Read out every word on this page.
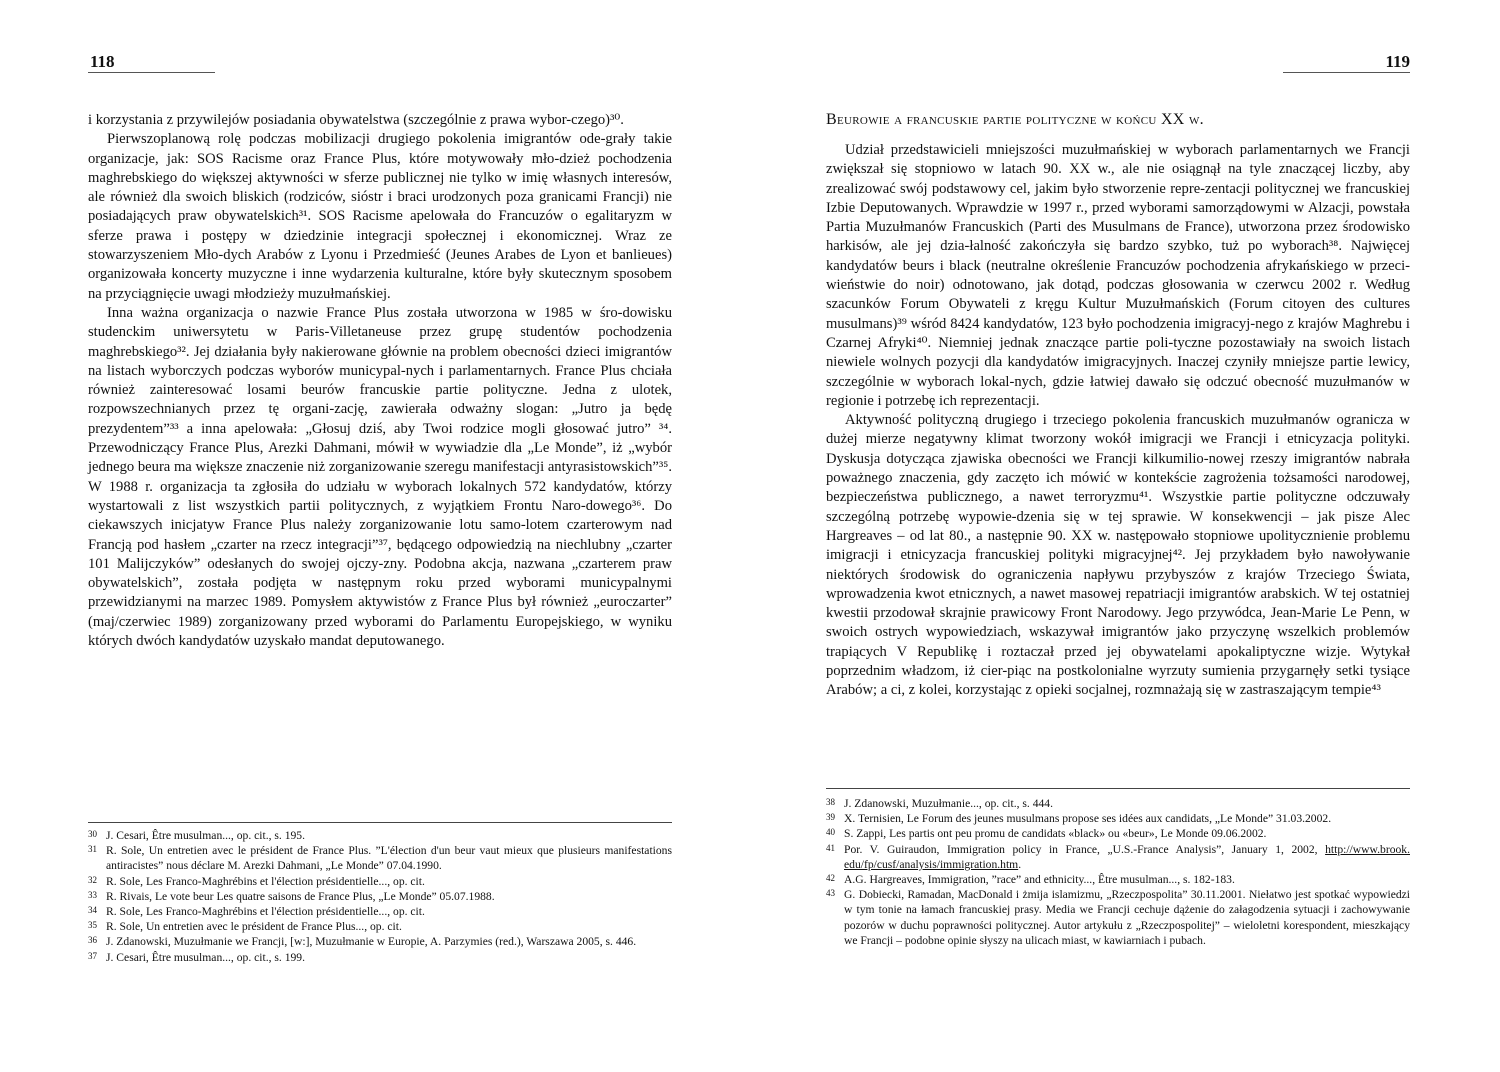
118

i korzystania z przywilejów posiadania obywatelstwa (szczególnie z prawa wybor-czego)³⁰.

Pierwszoplanową rolę podczas mobilizacji drugiego pokolenia imigrantów ode-grały takie organizacje, jak: SOS Racisme oraz France Plus, które motywowały mło-dzież pochodzenia maghrebskiego do większej aktywności w sferze publicznej nie tylko w imię własnych interesów, ale również dla swoich bliskich (rodziców, sióstr i braci urodzonych poza granicami Francji) nie posiadających praw obywatelskich³¹. SOS Racisme apelowała do Francuzów o egalitaryzm w sferze prawa i postępy w dziedzinie integracji społecznej i ekonomicznej. Wraz ze stowarzyszeniem Mło-dych Arabów z Lyonu i Przedmieść (Jeunes Arabes de Lyon et banlieues) organizowała koncerty muzyczne i inne wydarzenia kulturalne, które były skutecznym sposobem na przyciągnięcie uwagi młodzieży muzułmańskiej.

Inna ważna organizacja o nazwie France Plus została utworzona w 1985 w śro-dowisku studenckim uniwersytetu w Paris-Villetaneuse przez grupę studentów pochodzenia maghrebskiego³². Jej działania były nakierowane głównie na problem obecności dzieci imigrantów na listach wyborczych podczas wyborów municypal-nych i parlamentarnych. France Plus chciała również zainteresować losami beurów francuskie partie polityczne. Jedna z ulotek, rozpowszechnianych przez tę organi-zację, zawierała odważny slogan: „Jutro ja będę prezydentem”³³ a inna apelowała: „Głosuj dziś, aby Twoi rodzice mogli głosować jutro” ³⁴. Przewodniczący France Plus, Arezki Dahmani, mówił w wywiadzie dla „Le Monde”, iż „wybór jednego beura ma większe znaczenie niż zorganizowanie szeregu manifestacji antyrasistowskich”³⁵. W 1988 r. organizacja ta zgłosiła do udziału w wyborach lokalnych 572 kandydatów, którzy wystartowali z list wszystkich partii politycznych, z wyjątkiem Frontu Naro-dowego³⁶. Do ciekawszych inicjatyw France Plus należy zorganizowanie lotu samo-lotem czarterowym nad Francją pod hasłem „czarter na rzecz integracji”³⁷, będącego odpowiedzią na niechlubny „czarter 101 Malijczyków” odesłanych do swojej ojczy-zny. Podobna akcja, nazwana „czarterem praw obywatelskich”, została podjęta w następnym roku przed wyborami municypalnymi przewidzianymi na marzec 1989. Pomysłem aktywistów z France Plus był również „euroczarter” (maj/czerwiec 1989) zorganizowany przed wyborami do Parlamentu Europejskiego, w wyniku których dwóch kandydatów uzyskało mandat deputowanego.

30 J. Cesari, Être musulman..., op. cit., s. 195.
31 R. Sole, Un entretien avec le président de France Plus. ”L'élection d'un beur vaut mieux que plusieurs manifestations antiracistes” nous déclare M. Arezki Dahmani, „Le Monde” 07.04.1990.
32 R. Sole, Les Franco-Maghrébins et l'élection présidentielle..., op. cit.
33 R. Rivais, Le vote beur Les quatre saisons de France Plus, „Le Monde” 05.07.1988.
34 R. Sole, Les Franco-Maghrébins et l'élection présidentielle..., op. cit.
35 R. Sole, Un entretien avec le président de France Plus..., op. cit.
36 J. Zdanowski, Muzułmanie we Francji, [w:], Muzułmanie w Europie, A. Parzymies (red.), Warszawa 2005, s. 446.
37 J. Cesari, Être musulman..., op. cit., s. 199.
119
Beurowie a francuskie partie polityczne w końcu XX w.

Udział przedstawicieli mniejszości muzułmańskiej w wyborach parlamentarnych we Francji zwiększał się stopniowo w latach 90. XX w., ale nie osiągnął na tyle znaczącej liczby, aby zrealizować swój podstawowy cel, jakim było stworzenie repre-zentacji politycznej we francuskiej Izbie Deputowanych. Wprawdzie w 1997 r., przed wyborami samorządowymi w Alzacji, powstała Partia Muzułmanów Francuskich (Parti des Musulmans de France), utworzona przez środowisko harkisów, ale jej dzia-łalność zakończyła się bardzo szybko, tuż po wyborach³⁸. Najwięcej kandydatów beurs i black (neutralne określenie Francuzów pochodzenia afrykańskiego w przeci-wieństwie do noir) odnotowano, jak dotąd, podczas głosowania w czerwcu 2002 r. Według szacunków Forum Obywateli z kręgu Kultur Muzułmańskich (Forum citoyen des cultures musulmans)³⁹ wśród 8424 kandydatów, 123 było pochodzenia imigracyj-nego z krajów Maghrebu i Czarnej Afryki⁴⁰. Niemniej jednak znaczące partie poli-tyczne pozostawiały na swoich listach niewiele wolnych pozycji dla kandydatów imigracyjnych. Inaczej czyniły mniejsze partie lewicy, szczególnie w wyborach lokal-nych, gdzie łatwiej dawało się odczuć obecność muzułmanów w regionie i potrzebę ich reprezentacji.

Aktywność polityczną drugiego i trzeciego pokolenia francuskich muzułmanów ogranicza w dużej mierze negatywny klimat tworzony wokół imigracji we Francji i etnicyzacja polityki. Dyskusja dotycząca zjawiska obecności we Francji kilkumilio-nowej rzeszy imigrantów nabrała poważnego znaczenia, gdy zaczęto ich mówić w kontekście zagrożenia tożsamości narodowej, bezpieczeństwa publicznego, a nawet terroryzmu⁴¹. Wszystkie partie polityczne odczuwały szczególną potrzebę wypowie-dzenia się w tej sprawie. W konsekwencji – jak pisze Alec Hargreaves – od lat 80., a następnie 90. XX w. następowało stopniowe upolitycznienie problemu imigracji i etnicyzacja francuskiej polityki migracyjnej⁴². Jej przykładem było nawoływanie niektórych środowisk do ograniczenia napływu przybyszów z krajów Trzeciego Świata, wprowadzenia kwot etnicznych, a nawet masowej repatriacji imigrantów arabskich. W tej ostatniej kwestii przodował skrajnie prawicowy Front Narodowy. Jego przywódca, Jean-Marie Le Penn, w swoich ostrych wypowiedziach, wskazywał imigrantów jako przyczynę wszelkich problemów trapiących V Republikę i roztaczał przed jej obywatelami apokaliptyczne wizje. Wytykał poprzednim władzom, iż cier-piąc na postkolonialne wyrzuty sumienia przygarnęły setki tysiące Arabów; a ci, z kolei, korzystając z opieki socjalnej, rozmnażają się w zastraszającym tempie⁴³

38 J. Zdanowski, Muzułmanie..., op. cit., s. 444.
39 X. Ternisien, Le Forum des jeunes musulmans propose ses idées aux candidats, „Le Monde” 31.03.2002.
40 S. Zappi, Les partis ont peu promu de candidats «black» ou «beur», Le Monde 09.06.2002.
41 Por. V. Guiraudon, Immigration policy in France, „U.S.-France Analysis”, January 1, 2002, http://www.brook. edu/fp/cusf/analysis/immigration.htm.
42 A.G. Hargreaves, Immigration, ”race” and ethnicity..., Être musulman..., s. 182-183.
43 G. Dobiecki, Ramadan, MacDonald i żmija islamizmu, „Rzeczpospolita” 30.11.2001. Niełatwo jest spotkać wypowiedzi w tym tonie na łamach francuskiej prasy. Media we Francji cechuje dążenie do załagodzenia sytuacji i zachowywanie pozorów w duchu poprawności politycznej. Autor artykułu z „Rzeczpospolitej” – wieloletni korespondent, mieszkający we Francji – podobne opinie słyszy na ulicach miast, w kawiarniach i pubach.
